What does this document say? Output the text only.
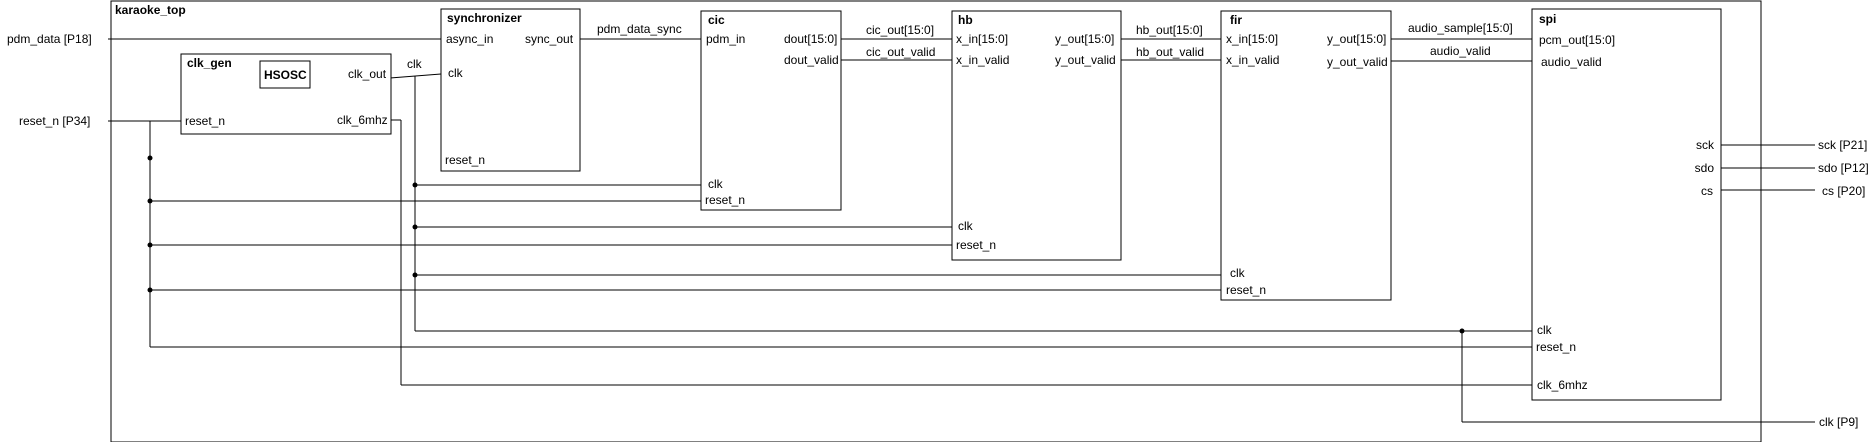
karaoke_top
pdm_data [P18]
reset_n [P34]
sck [P21]
sdo [P12]
cs [P20]
clk [P9]
clk_gen
reset_n	clk_6mhz
HSOSC	clk_out
synchronizer
async_in	sync_out
clk
reset_n
cic
pdm_in	dout[15:0]
dout_valid
clk
reset_n
hb
x_in[15:0]
x_in_valid
y_out[15:0]
y_out_valid
clk
reset_n
fir
x_in[15:0]
x_in_valid
y_out[15:0]
y_out_valid
clk
reset_n
spi
pcm_out[15:0]
audio_valid
sck
sdo
cs
clk
reset_n
clk_6mhz
clk
pdm_data_sync	cic_out[15:0]
cic_out_valid
hb_out[15:0]
hb_out_valid
audio_sample[15:0]
audio_valid
